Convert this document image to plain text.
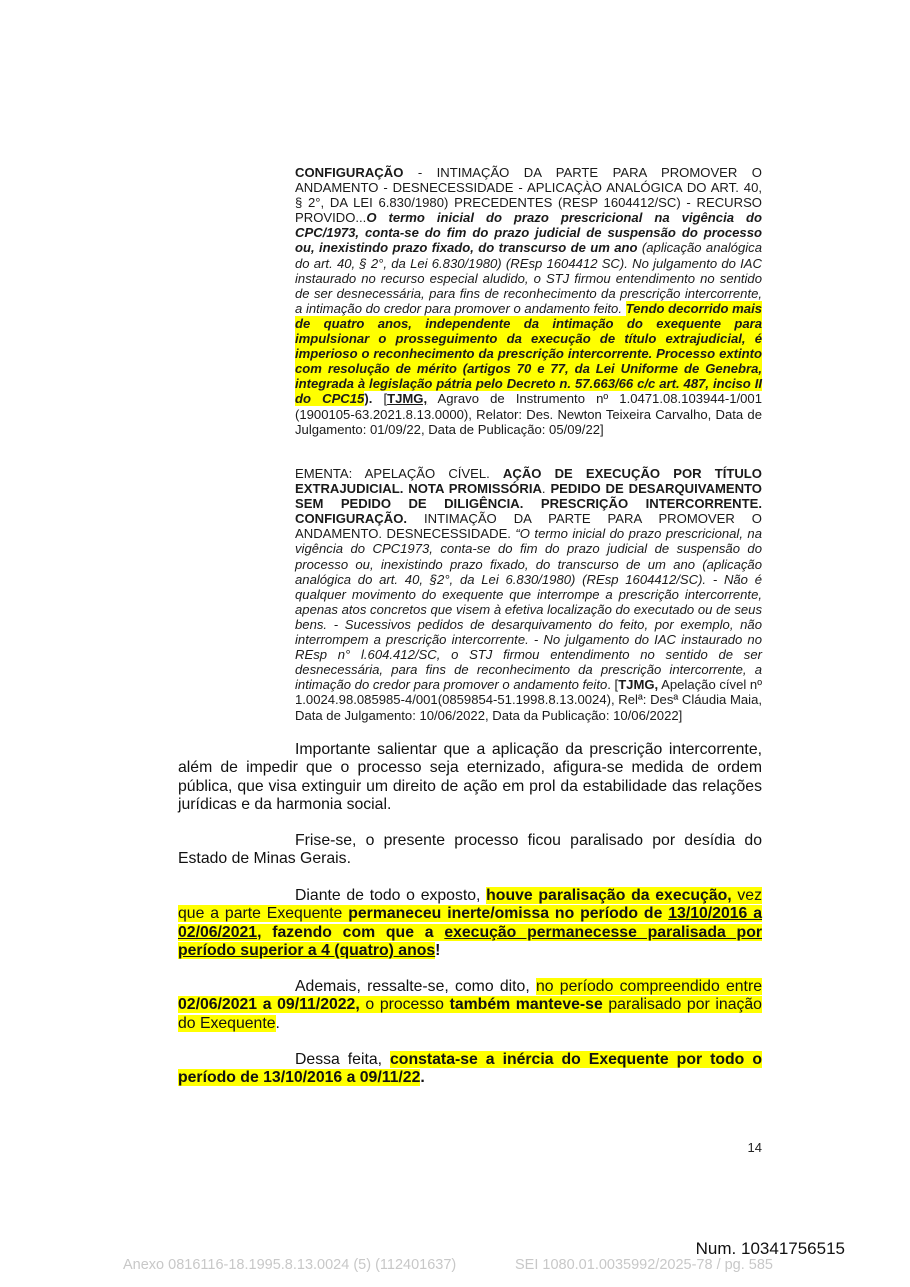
CONFIGURAÇÃO - INTIMAÇÃO DA PARTE PARA PROMOVER O ANDAMENTO - DESNECESSIDADE - APLICAÇÀO ANALÓGICA DO ART. 40, § 2°, DA LEI 6.830/1980) PRECEDENTES (RESP 1604412/SC) - RECURSO PROVIDO...O termo inicial do prazo prescricional na vigência do CPC/1973, conta-se do fim do prazo judicial de suspensão do processo ou, inexistindo prazo fixado, do transcurso de um ano (aplicação analógica do art. 40, § 2°, da Lei 6.830/1980) (REsp 1604412 SC). No julgamento do IAC instaurado no recurso especial aludido, o STJ firmou entendimento no sentido de ser desnecessária, para fins de reconhecimento da prescrição intercorrente, a intimação do credor para promover o andamento feito. Tendo decorrido mais de quatro anos, independente da intimação do exequente para impulsionar o prosseguimento da execução de título extrajudicial, é imperioso o reconhecimento da prescrição intercorrente. Processo extinto com resolução de mérito (artigos 70 e 77, da Lei Uniforme de Genebra, integrada à legislação pátria pelo Decreto n. 57.663/66 c/c art. 487, inciso II do CPC15). [TJMG, Agravo de Instrumento nº 1.0471.08.103944-1/001 (1900105-63.2021.8.13.0000), Relator: Des. Newton Teixeira Carvalho, Data de Julgamento: 01/09/22, Data de Publicação: 05/09/22]
EMENTA: APELAÇÃO CÍVEL. AÇÃO DE EXECUÇÃO POR TÍTULO EXTRAJUDICIAL. NOTA PROMISSÓRIA. PEDIDO DE DESARQUIVAMENTO SEM PEDIDO DE DILIGÊNCIA. PRESCRIÇÃO INTERCORRENTE. CONFIGURAÇÃO. INTIMAÇÃO DA PARTE PARA PROMOVER O ANDAMENTO. DESNECESSIDADE. “O termo inicial do prazo prescricional, na vigência do CPC1973, conta-se do fim do prazo judicial de suspensão do processo ou, inexistindo prazo fixado, do transcurso de um ano (aplicação analógica do art. 40, §2°, da Lei 6.830/1980) (REsp 1604412/SC). - Não é qualquer movimento do exequente que interrompe a prescrição intercorrente, apenas atos concretos que visem à efetiva localização do executado ou de seus bens. - Sucessivos pedidos de desarquivamento do feito, por exemplo, não interrompem a prescrição intercorrente. - No julgamento do IAC instaurado no REsp n° l.604.412/SC, o STJ firmou entendimento no sentido de ser desnecessária, para fins de reconhecimento da prescrição intercorrente, a intimação do credor para promover o andamento feito. [TJMG, Apelação cível nº 1.0024.98.085985-4/001(0859854-51.1998.8.13.0024), Relª: Desª Cláudia Maia, Data de Julgamento: 10/06/2022, Data da Publicação: 10/06/2022]
Importante salientar que a aplicação da prescrição intercorrente, além de impedir que o processo seja eternizado, afigura-se medida de ordem pública, que visa extinguir um direito de ação em prol da estabilidade das relações jurídicas e da harmonia social.
Frise-se, o presente processo ficou paralisado por desídia do Estado de Minas Gerais.
Diante de todo o exposto, houve paralisação da execução, vez que a parte Exequente permaneceu inerte/omissa no período de 13/10/2016 a 02/06/2021, fazendo com que a execução permanecesse paralisada por período superior a 4 (quatro) anos!
Ademais, ressalte-se, como dito, no período compreendido entre 02/06/2021 a 09/11/2022, o processo também manteve-se paralisado por inação do Exequente.
Dessa feita, constata-se a inércia do Exequente por todo o período de 13/10/2016 a 09/11/22.
14
Num. 10341756515
Anexo 0816116-18.1995.8.13.0024 (5) (112401637)	SEI 1080.01.0035992/2025-78 / pg. 585
